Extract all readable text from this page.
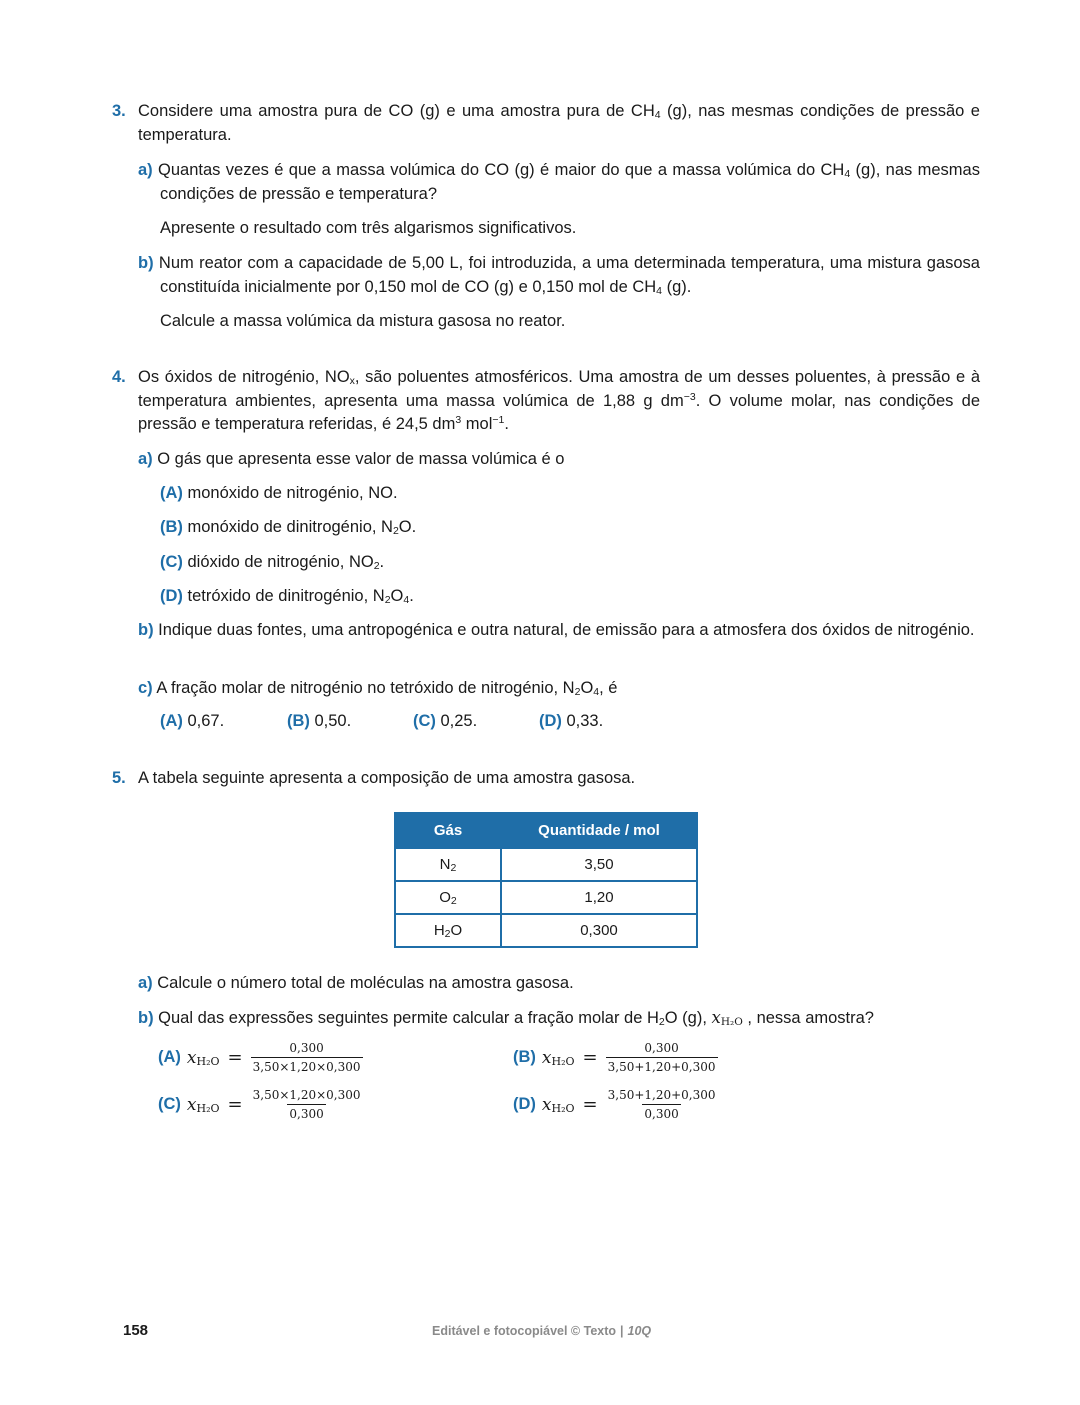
3. Considere uma amostra pura de CO (g) e uma amostra pura de $CH_4$ (g), nas mesmas condições de pressão e temperatura.
a) Quantas vezes é que a massa volúmica do CO (g) é maior do que a massa volúmica do $CH_4$ (g), nas mesmas condições de pressão e temperatura?
Apresente o resultado com três algarismos significativos.
b) Num reator com a capacidade de 5,00 L, foi introduzida, a uma determinada temperatura, uma mistura gasosa constituída inicialmente por 0,150 mol de CO (g) e 0,150 mol de $CH_4$ (g).
Calcule a massa volúmica da mistura gasosa no reator.
4. Os óxidos de nitrogénio, $NO_x$, são poluentes atmosféricos. Uma amostra de um desses poluentes, à pressão e à temperatura ambientes, apresenta uma massa volúmica de 1,88 g $dm^{-3}$. O volume molar, nas condições de pressão e temperatura referidas, é 24,5 $dm^3$ mol$^{-1}$.
a) O gás que apresenta esse valor de massa volúmica é o
(A) monóxido de nitrogénio, NO.
(B) monóxido de dinitrogénio, $N_2O$.
(C) dióxido de nitrogénio, $NO_2$.
(D) tetróxido de dinitrogénio, $N_2O_4$.
b) Indique duas fontes, uma antropogénica e outra natural, de emissão para a atmosfera dos óxidos de nitrogénio.
c) A fração molar de nitrogénio no tetróxido de nitrogénio, $N_2O_4$, é
(A) 0,67.	(B) 0,50.	(C) 0,25.	(D) 0,33.
5. A tabela seguinte apresenta a composição de uma amostra gasosa.
Gás	Quantidade / mol
$N_2$	3,50
$O_2$	1,20
$H_2O$	0,300
a) Calcule o número total de moléculas na amostra gasosa.
b) Qual das expressões seguintes permite calcular a fração molar de $H_2O$ (g), $x_{H_2O}$ , nessa amostra?
(A) $x_{H_2O} = \frac{0,300}{3,50\times 1,20\times 0,300}$	(B) $x_{H_2O} = \frac{0,300}{3,50+1,20+0,300}$
(C) $x_{H_2O} = \frac{3,50\times 1,20\times 0,300}{0,300}$	(D) $x_{H_2O} = \frac{3,50+1,20+0,300}{0,300}$
158	Editável e fotocopiável © Texto | 10Q
